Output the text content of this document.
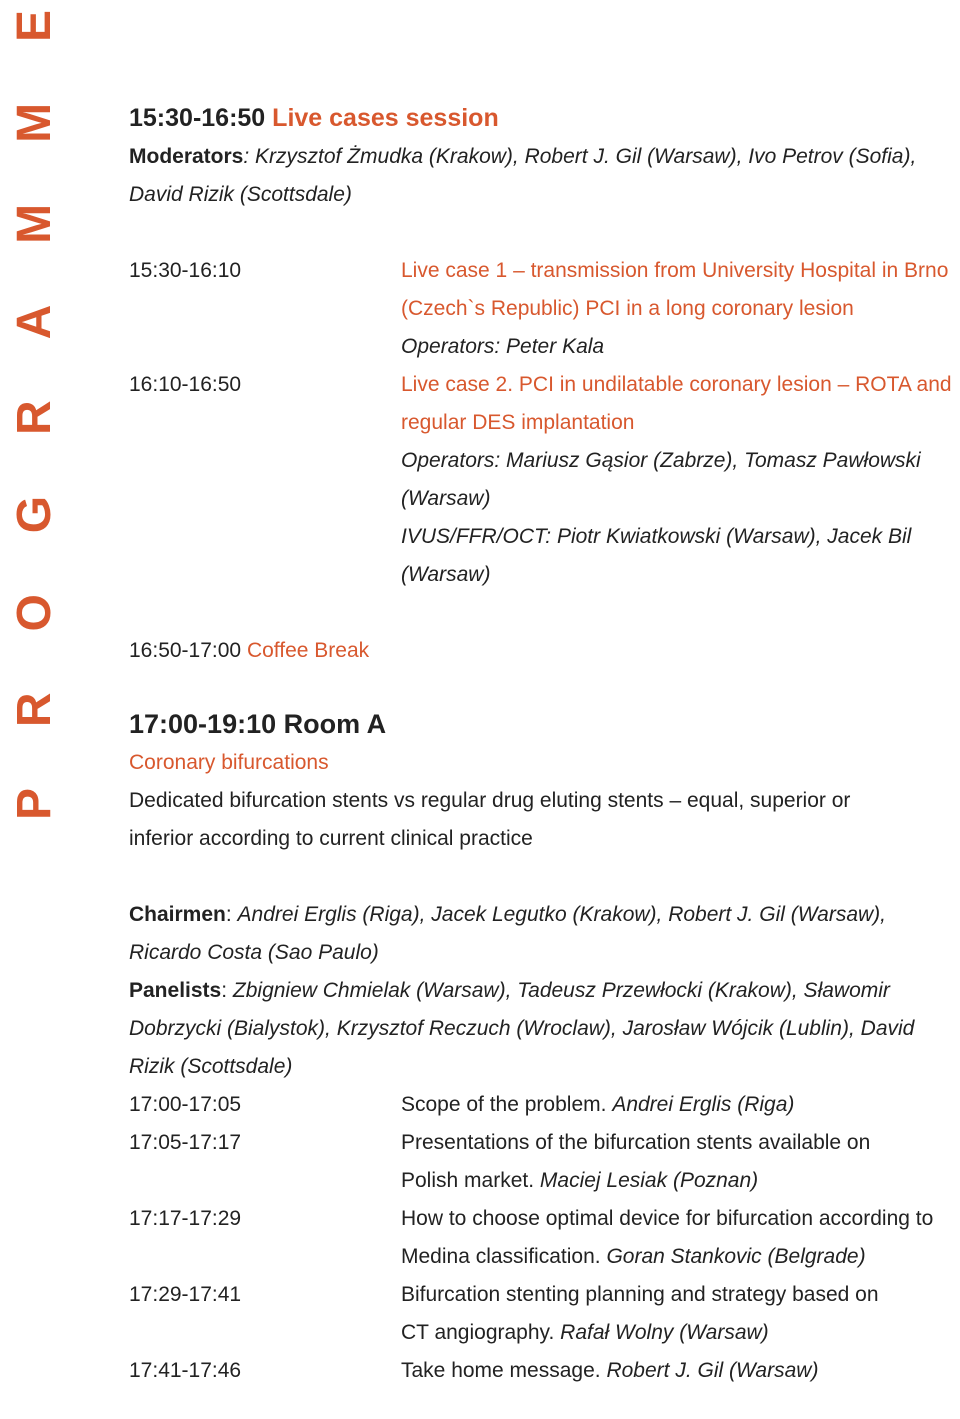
PROGRAMME
15:30-16:50 Live cases session

Moderators: Krzysztof Żmudka (Krakow), Robert J. Gil (Warsaw), Ivo Petrov (Sofia), David Rizik (Scottsdale)

15:30-16:10	Live case 1 – transmission from University Hospital in Brno (Czech`s Republic) PCI in a long coronary lesion

Operators: Peter Kala

16:10-16:50	Live case 2. PCI in undilatable coronary lesion – ROTA and regular DES implantation

Operators: Mariusz Gąsior (Zabrze), Tomasz Pawłowski (Warsaw)

IVUS/FFR/OCT: Piotr Kwiatkowski (Warsaw), Jacek Bil (Warsaw)

16:50-17:00 Coffee Break
17:00-19:10 Room A

Coronary bifurcations

Dedicated bifurcation stents vs regular drug eluting stents – equal, superior or inferior according to current clinical practice

Chairmen: Andrei Erglis (Riga), Jacek Legutko (Krakow), Robert J. Gil (Warsaw), Ricardo Costa (Sao Paulo)

Panelists: Zbigniew Chmielak (Warsaw), Tadeusz Przewłocki (Krakow), Sławomir Dobrzycki (Bialystok), Krzysztof Reczuch (Wroclaw), Jarosław Wójcik (Lublin), David Rizik (Scottsdale)

17:00-17:05	Scope of the problem. Andrei Erglis (Riga)
17:05-17:17	Presentations of the bifurcation stents available on Polish market. Maciej Lesiak (Poznan)
17:17-17:29	How to choose optimal device for bifurcation according to Medina classification. Goran Stankovic (Belgrade)
17:29-17:41	Bifurcation stenting planning and strategy based on CT angiography. Rafał Wolny (Warsaw)
17:41-17:46	Take home message. Robert J. Gil (Warsaw)
